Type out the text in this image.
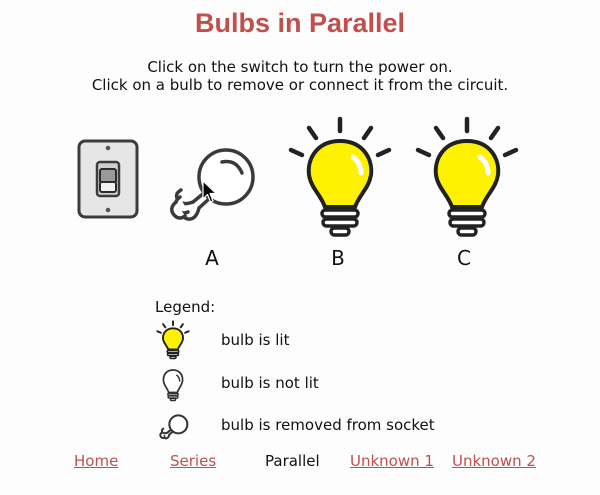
Bulbs in Parallel
Click on the switch to turn the power on.
Click on a bulb to remove or connect it from the circuit.
A	B	C
Legend:
bulb is lit
bulb is not lit
bulb is removed from socket
Home	Series	Parallel Unknown 1 Unknown 2
